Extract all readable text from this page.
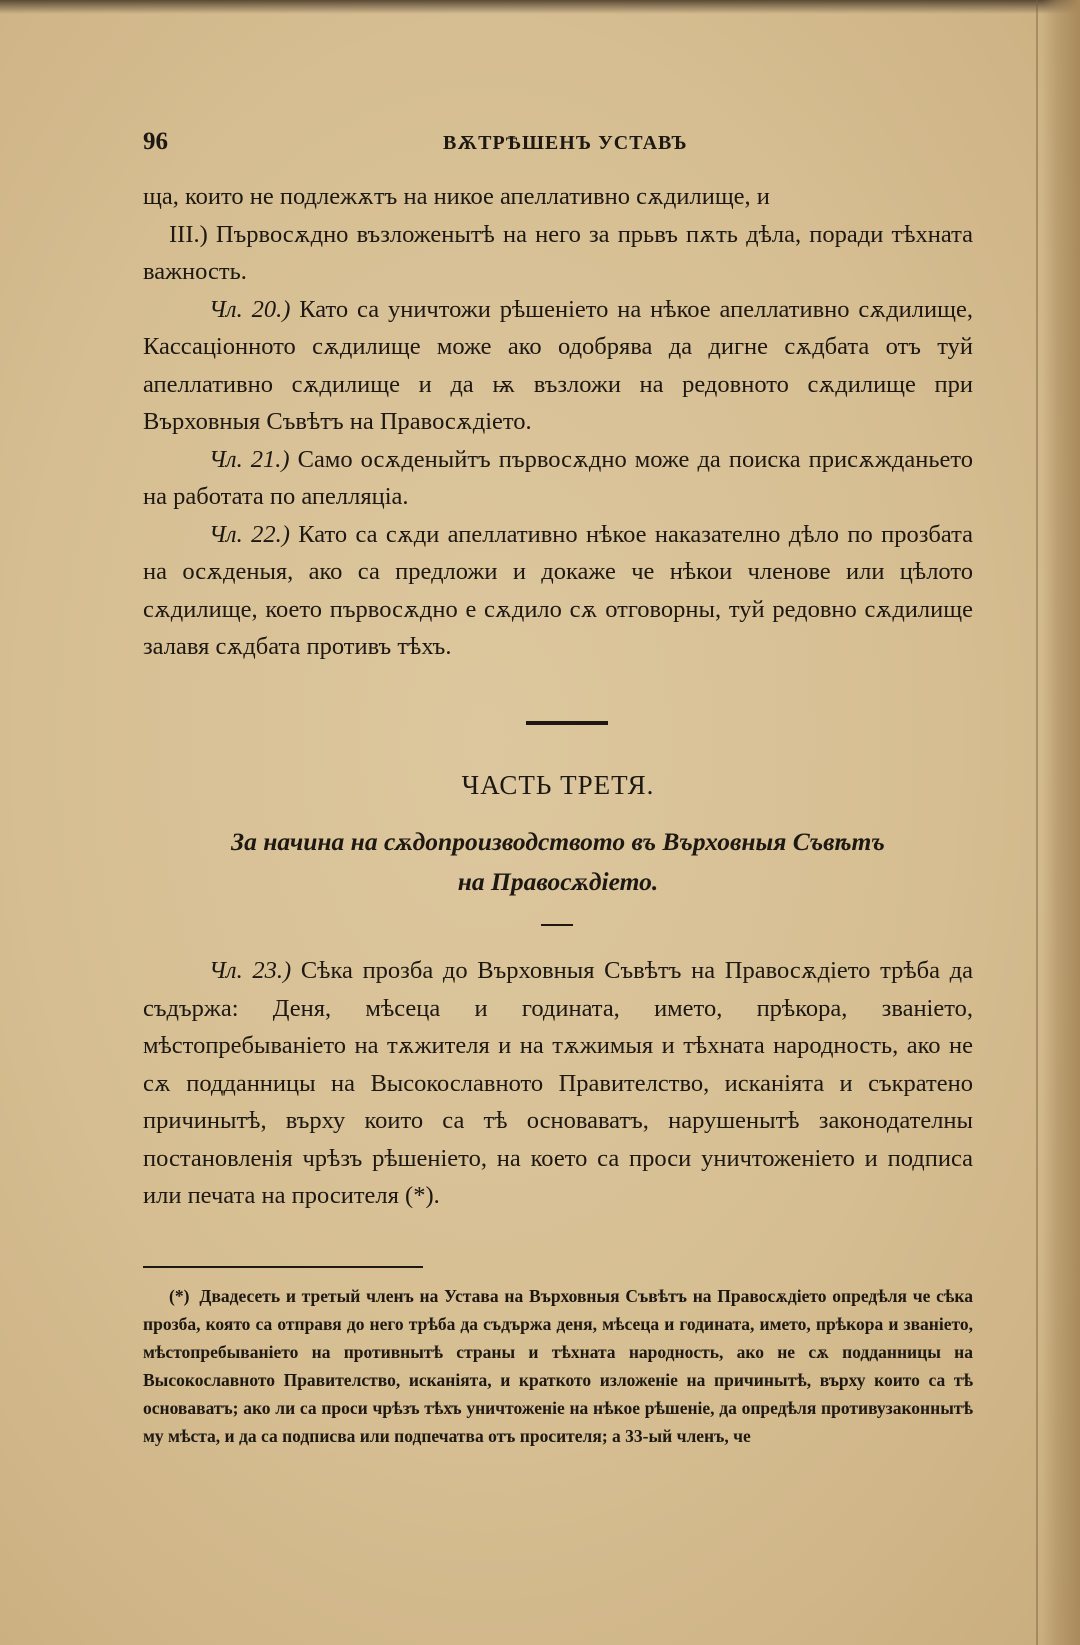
96	ВѪТРѢШЕНЪ УСТАВЪ

ща, които не подлежѫтъ на никое апеллативно сѫдилище, и

III.) Първосѫдно възложенытѣ на него за прьвъ пѫть дѣла, поради тѣхната важность.

Чл. 20.) Като са уничтожи рѣшеніето на нѣкое апеллативно сѫдилище, Кассаціонното сѫдилище може ако одобрява да дигне сѫдбата отъ туй апеллативно сѫдилище и да ѭ възложи на редовното сѫдилище при Върховныя Съвѣтъ на Правосѫдіето.

Чл. 21.) Само осѫденыйтъ първосѫдно може да поиска присѫжданьето на работата по апелляціа.

Чл. 22.) Като са сѫди апеллативно нѣкое наказателно дѣло по прозбата на осѫденыя, ако са предложи и докаже че нѣкои членове или цѣлото сѫдилище, което първосѫдно е сѫдило сѫ отговорны, туй редовно сѫдилище залавя сѫдбата противъ тѣхъ.

ЧАСТЬ ТРЕТЯ.
За начина на сѫдопроизводството въ Върховныя Съвѣтъ
на Правосѫдіето.

Чл. 23.) Сѣка прозба до Върховныя Съвѣтъ на Правосѫдіето трѣба да съдържа: Деня, мѣсеца и годината, името, прѣкора, званіето, мѣстопребываніето на тѫжителя и на тѫжимыя и тѣхната народность, ако не сѫ подданницы на Высокославното Правителство, исканіята и съкратено причинытѣ, върху които са тѣ основаватъ, нарушенытѣ законодателны постановленія чрѣзъ рѣшеніето, на което са проси уничтоженіето и подписа или печата на просителя (*).

(*) Двадесеть и третый членъ на Устава на Върховныя Съвѣтъ на Правосѫдіето опредѣля че сѣка прозба, която са отправя до него трѣба да съдържа деня, мѣсеца и годината, името, прѣкора и званіето, мѣстопребываніето на противнытѣ страны и тѣхната народность, ако не сѫ подданницы на Высокославното Правителство, исканіята, и краткото изложеніе на причинытѣ, върху които са тѣ основаватъ; ако ли са проси чрѣзъ тѣхъ уничтоженіе на нѣкое рѣшеніе, да опредѣля противузаконнытѣ му мѣста, и да са подписва или подпечатва отъ просителя; а 33-ый членъ, че
